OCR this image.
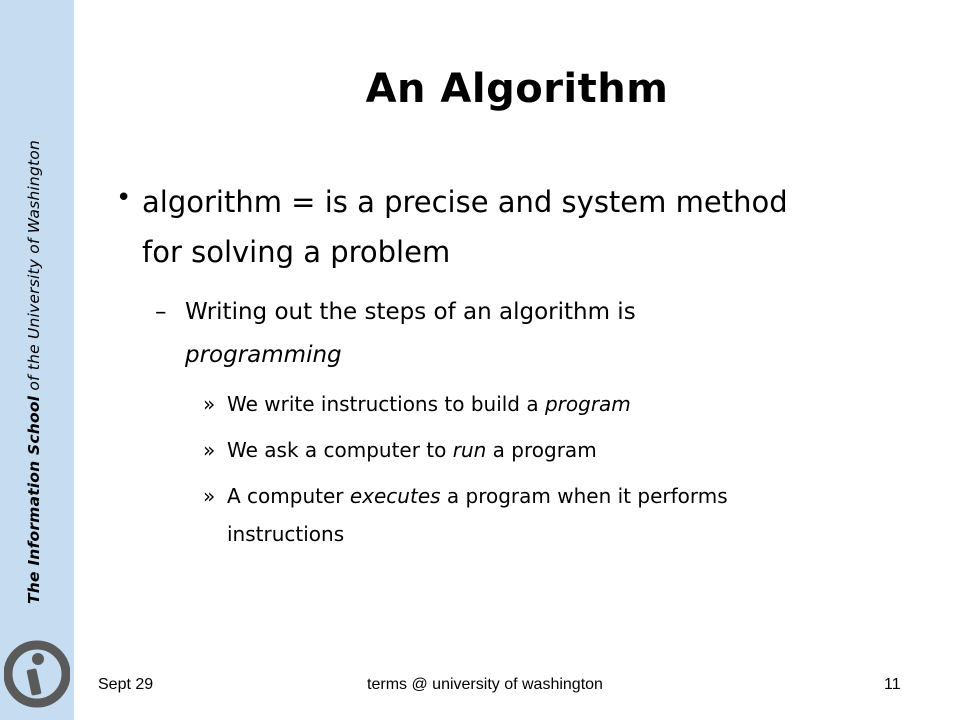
The Information School of the University of Washington
An Algorithm
• algorithm = is a precise and system method
for solving a problem
– Writing out the steps of an algorithm is
programming
» We write instructions to build a program
» We ask a computer to run a program
» A computer executes a program when it performs
instructions
Sept 29	terms @ university of washington	11
